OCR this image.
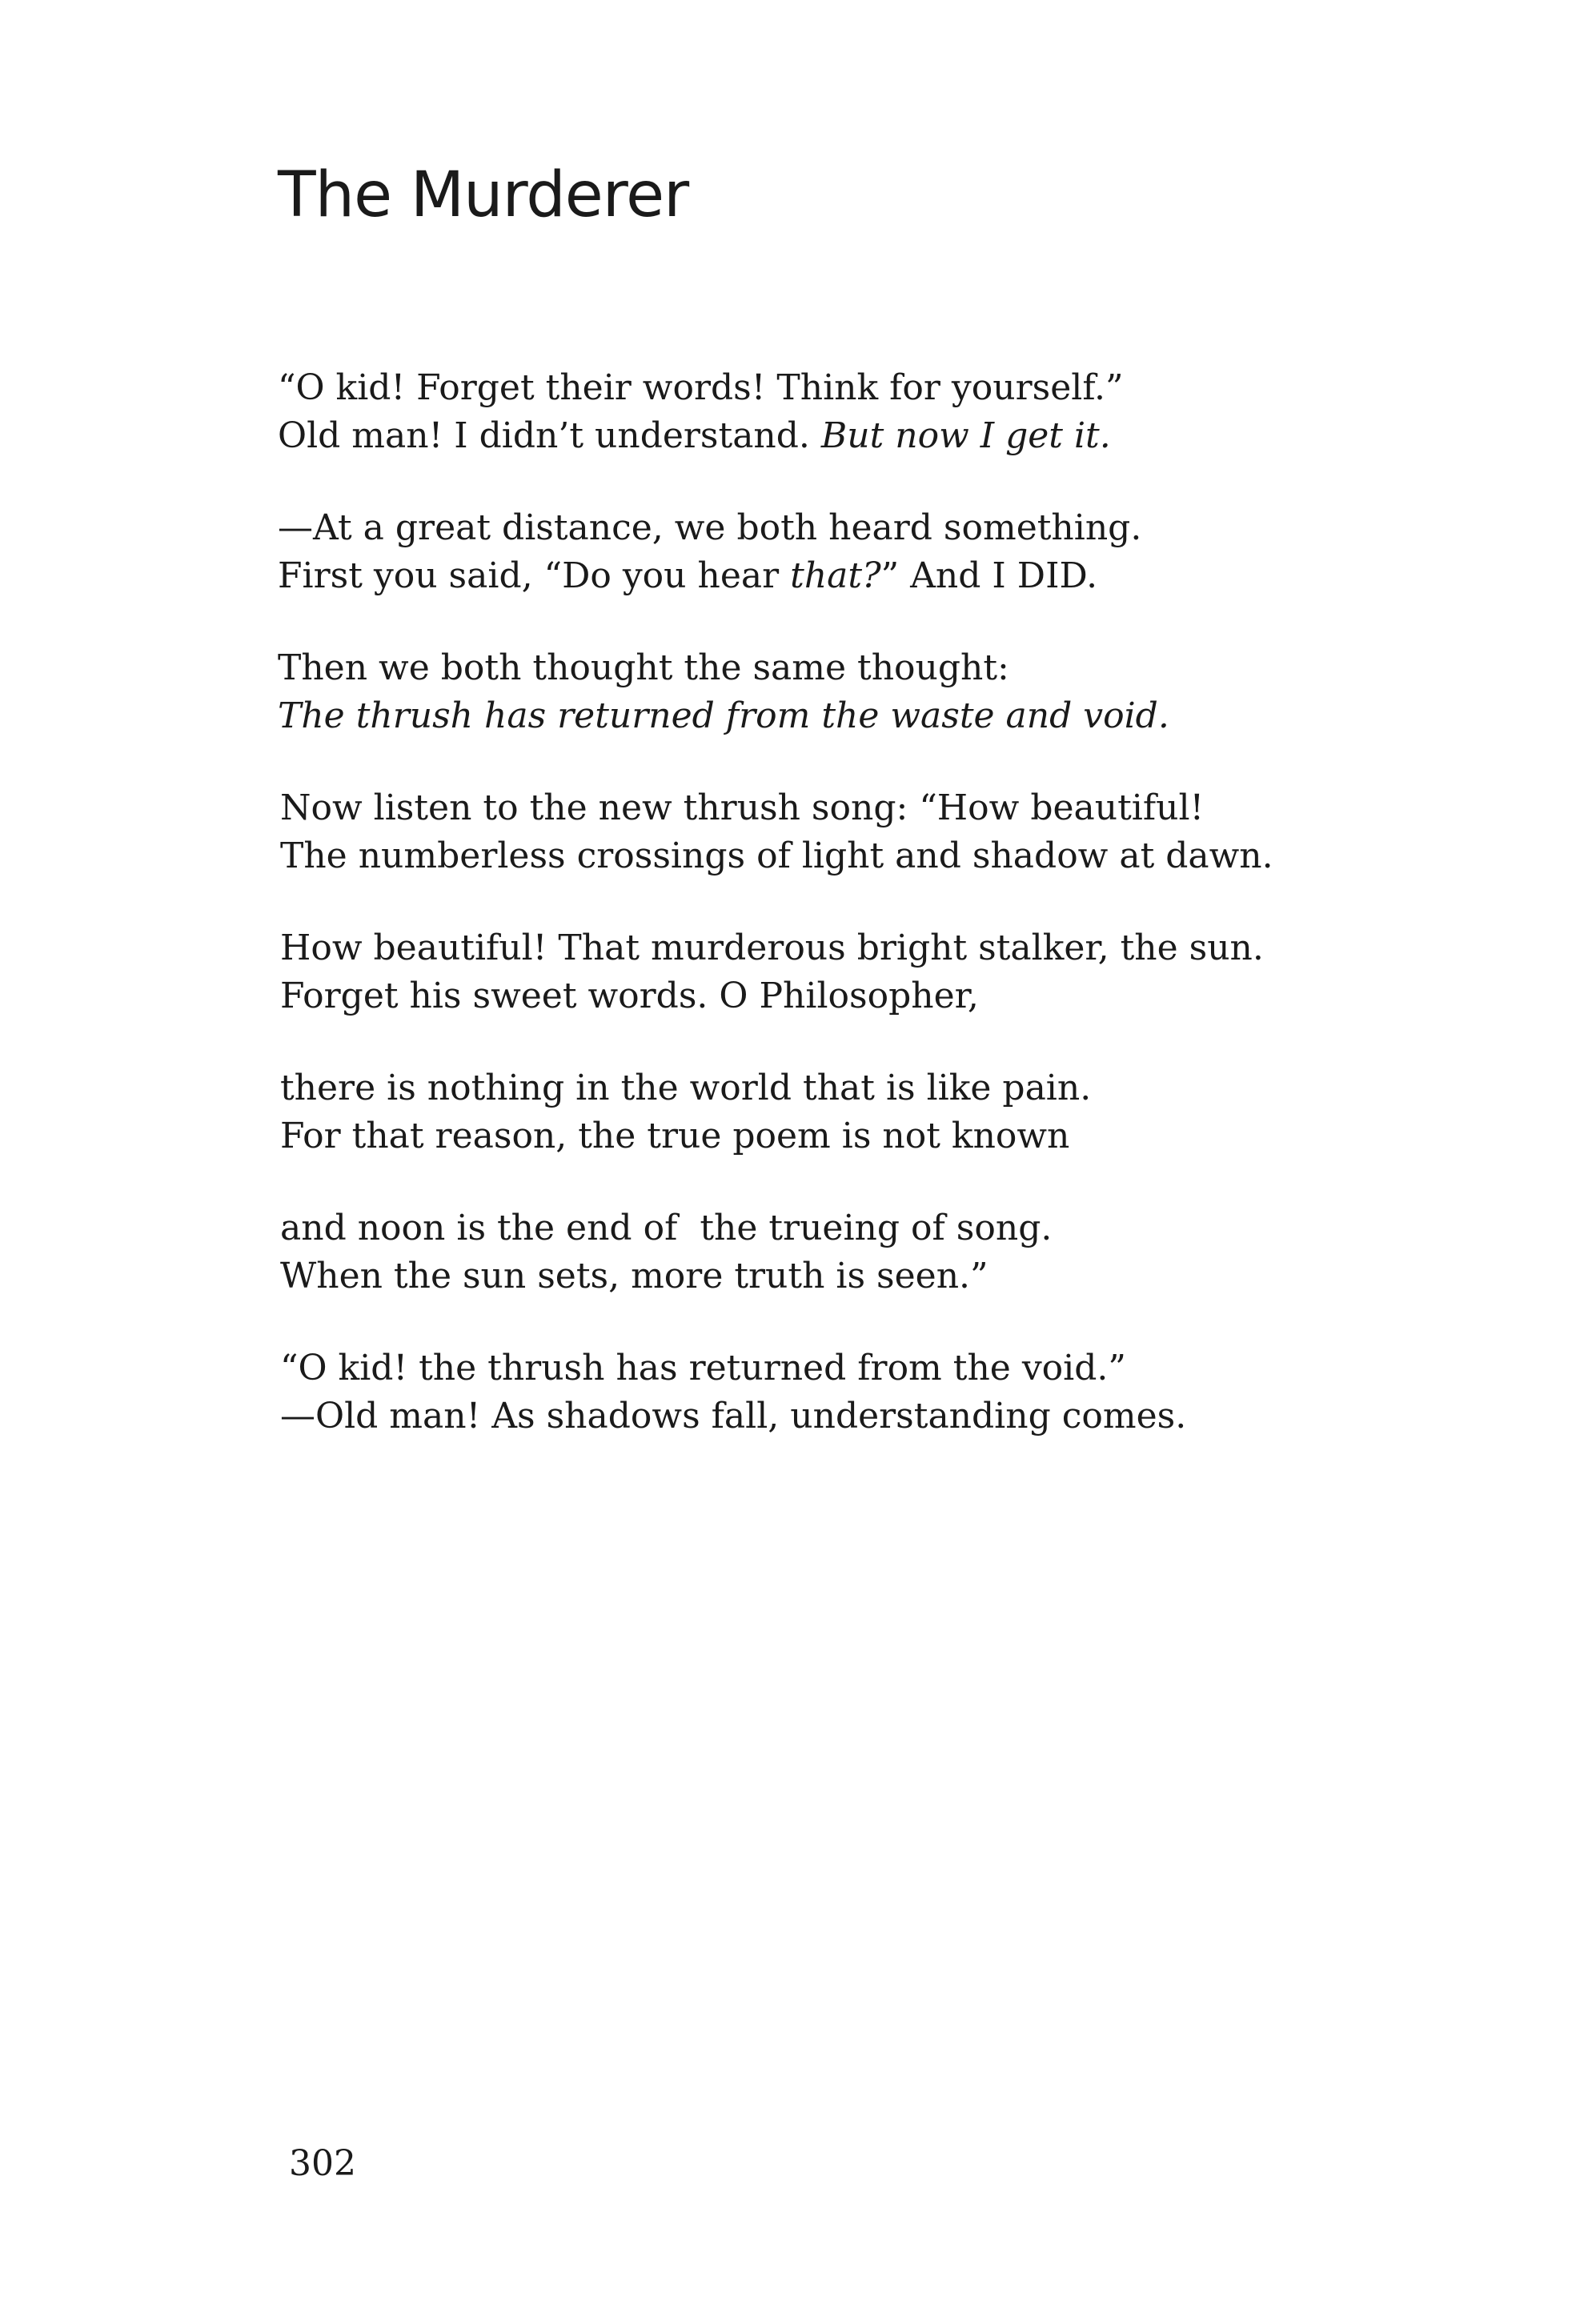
The Murderer

“O kid! Forget their words! Think for yourself.”
Old man! I didn’t understand. But now I get it.

—At a great distance, we both heard something.
First you said, “Do you hear that?” And I DID.

Then we both thought the same thought:
The thrush has returned from the waste and void.

Now listen to the new thrush song: “How beautiful!
The numberless crossings of light and shadow at dawn.

How beautiful! That murderous bright stalker, the sun.
Forget his sweet words. O Philosopher,

there is nothing in the world that is like pain.
For that reason, the true poem is not known

and noon is the end of  the trueing of song.
When the sun sets, more truth is seen.”

“O kid! the thrush has returned from the void.”
—Old man! As shadows fall, understanding comes.

302
